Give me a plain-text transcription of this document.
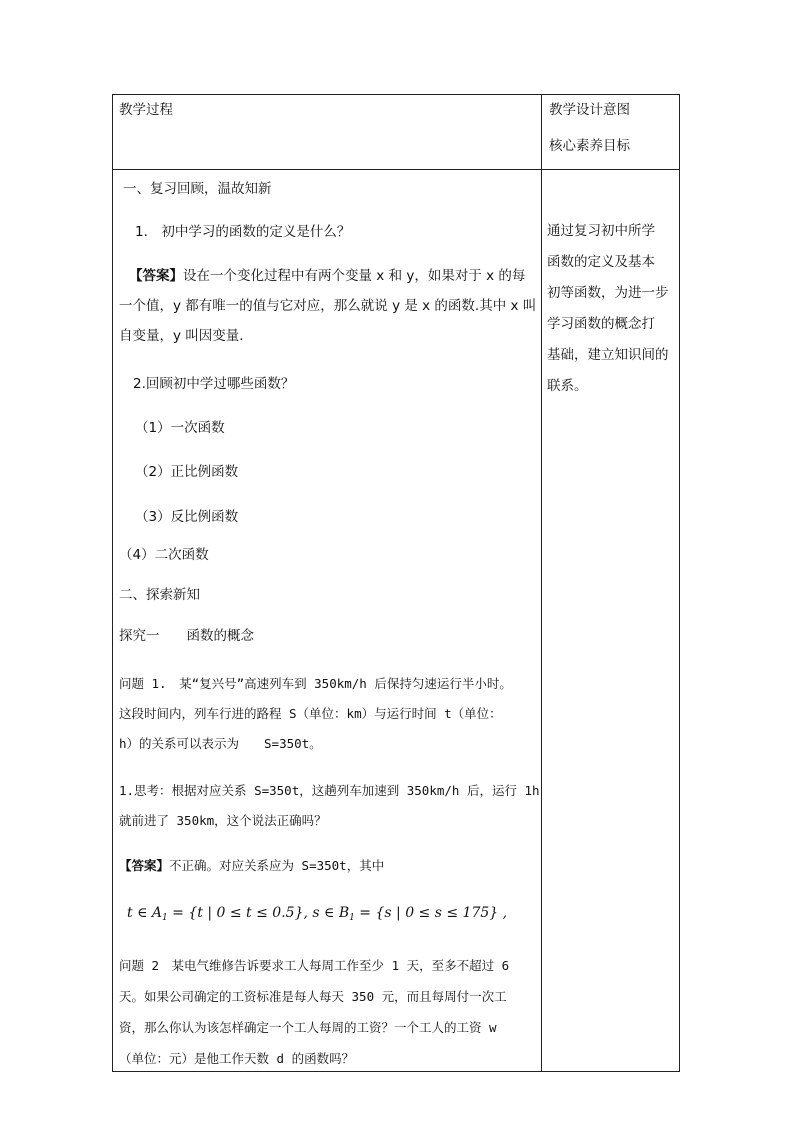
教学过程	教学设计意图
核心素养目标
一、复习回顾，温故知新
1.　初中学习的函数的定义是什么？
【答案】设在一个变化过程中有两个变量 x 和 y，如果对于 x 的每
一个值，y 都有唯一的值与它对应，那么就说 y 是 x 的函数.其中 x 叫
自变量，y 叫因变量.
2.回顾初中学过哪些函数？
（1）一次函数
（2）正比例函数
（3）反比例函数
（4）二次函数
二、探索新知
探究一　　函数的概念
问题 1.　某“复兴号”高速列车到 350km/h 后保持匀速运行半小时。
这段时间内，列车行进的路程 S（单位：km）与运行时间 t（单位：
h）的关系可以表示为　　S=350t。
1.思考：根据对应关系 S=350t，这趟列车加速到 350km/h 后，运行 1h
就前进了 350km，这个说法正确吗？
【答案】不正确。对应关系应为 S=350t，其中
t ∈ $A_1 = \{t$ | 0 ≤ t ≤ 0.5}, s ∈ $B_1 = \{s$ | 0 ≤ s ≤ 175} ,
问题 2　某电气维修告诉要求工人每周工作至少 1 天，至多不超过 6
天。如果公司确定的工资标准是每人每天 350 元，而且每周付一次工
资，那么你认为该怎样确定一个工人每周的工资？一个工人的工资 w
（单位：元）是他工作天数 d 的函数吗？
通过复习初中所学
函数的定义及基本
初等函数，为进一步
学习函数的概念打
基础，建立知识间的
联系。
